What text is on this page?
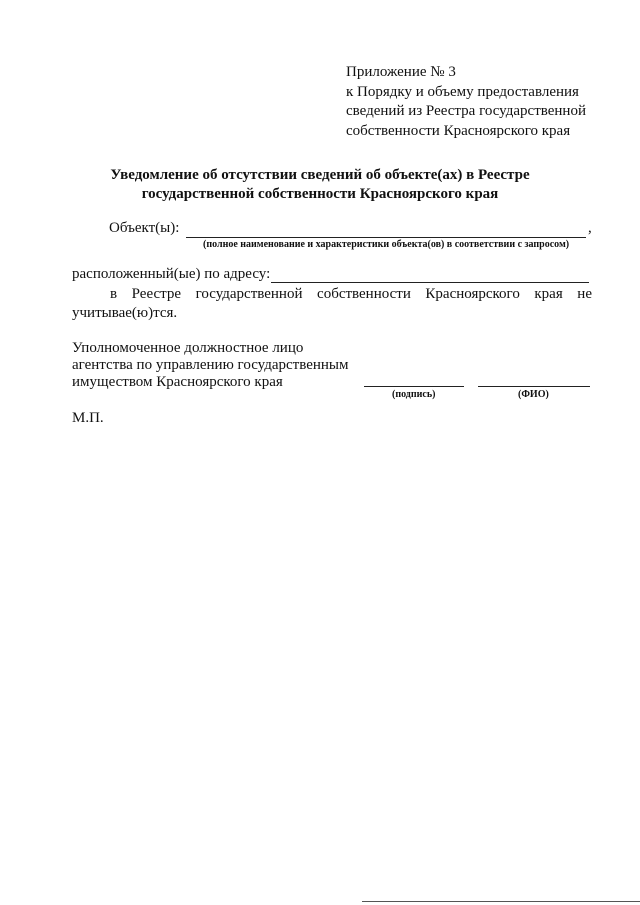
Приложение № 3
к Порядку и объему предоставления
сведений из Реестра государственной
собственности Красноярского края
Уведомление об отсутствии сведений об объекте(ах) в Реестре
государственной собственности Красноярского края
Объект(ы):	,
(полное наименование и характеристики объекта(ов) в соответствии с запросом)
расположенный(ые) по адресу:
в Реестре государственной собственности Красноярского края не
учитывае(ю)тся.
Уполномоченное должностное лицо
агентства по управлению государственным
имуществом Красноярского края
(подпись)	(ФИО)
М.П.
